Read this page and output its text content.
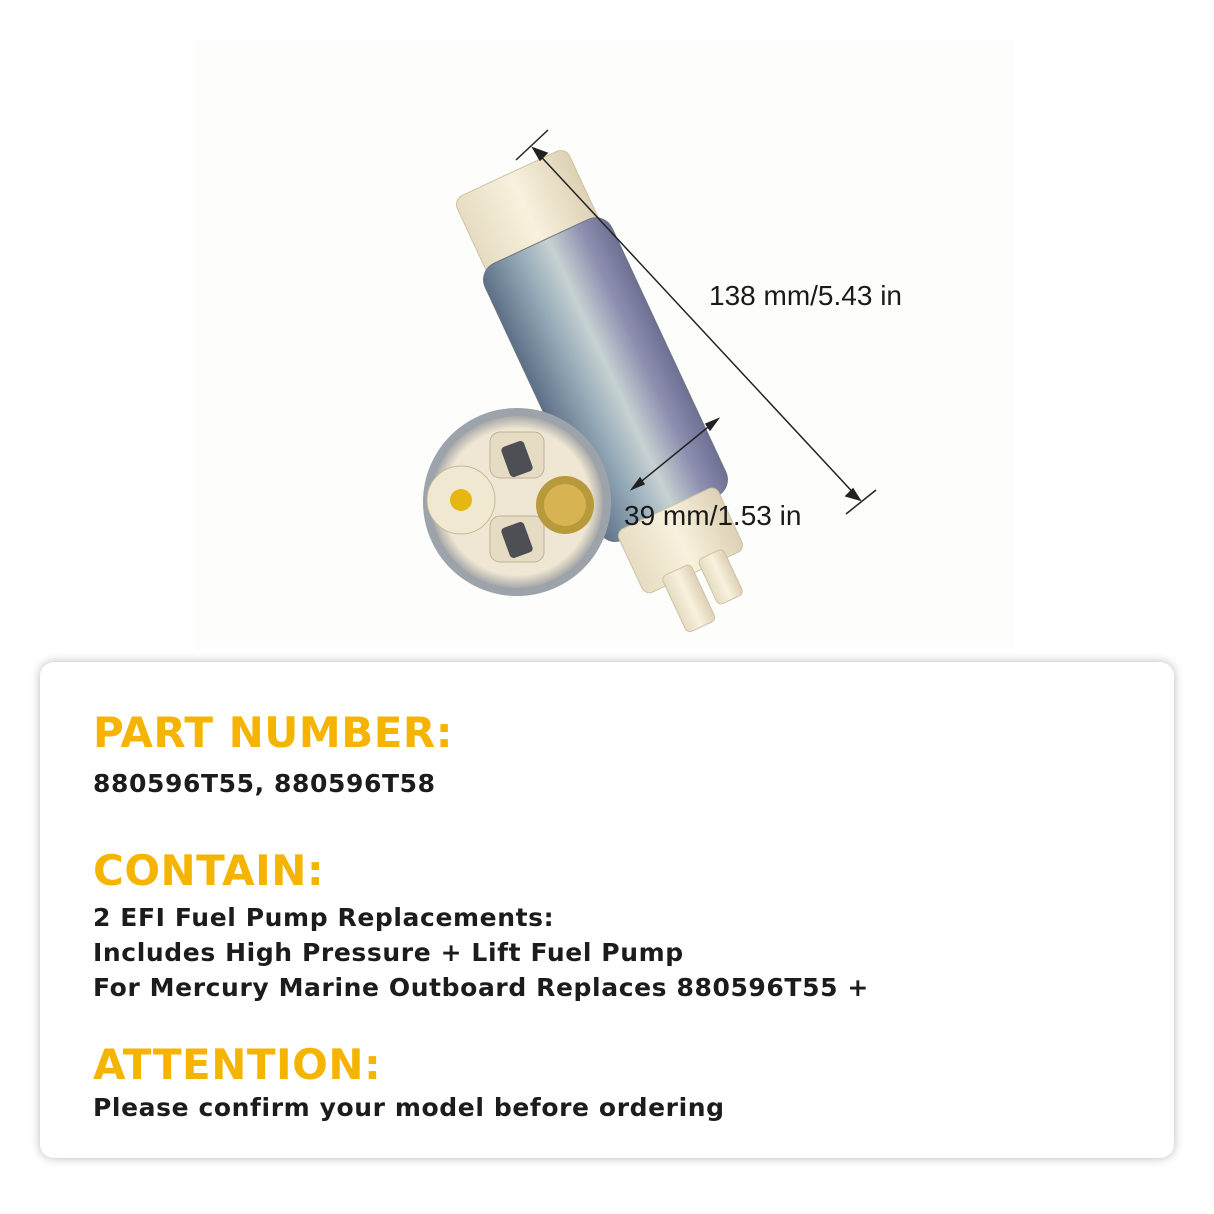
138 mm/5.43 in
39 mm/1.53 in
PART NUMBER:

880596T55, 880596T58

CONTAIN:
2 EFI Fuel Pump Replacements:
Includes High Pressure + Lift Fuel Pump
For Mercury Marine Outboard Replaces 880596T55 +
ATTENTION:

Please confirm your model before ordering
